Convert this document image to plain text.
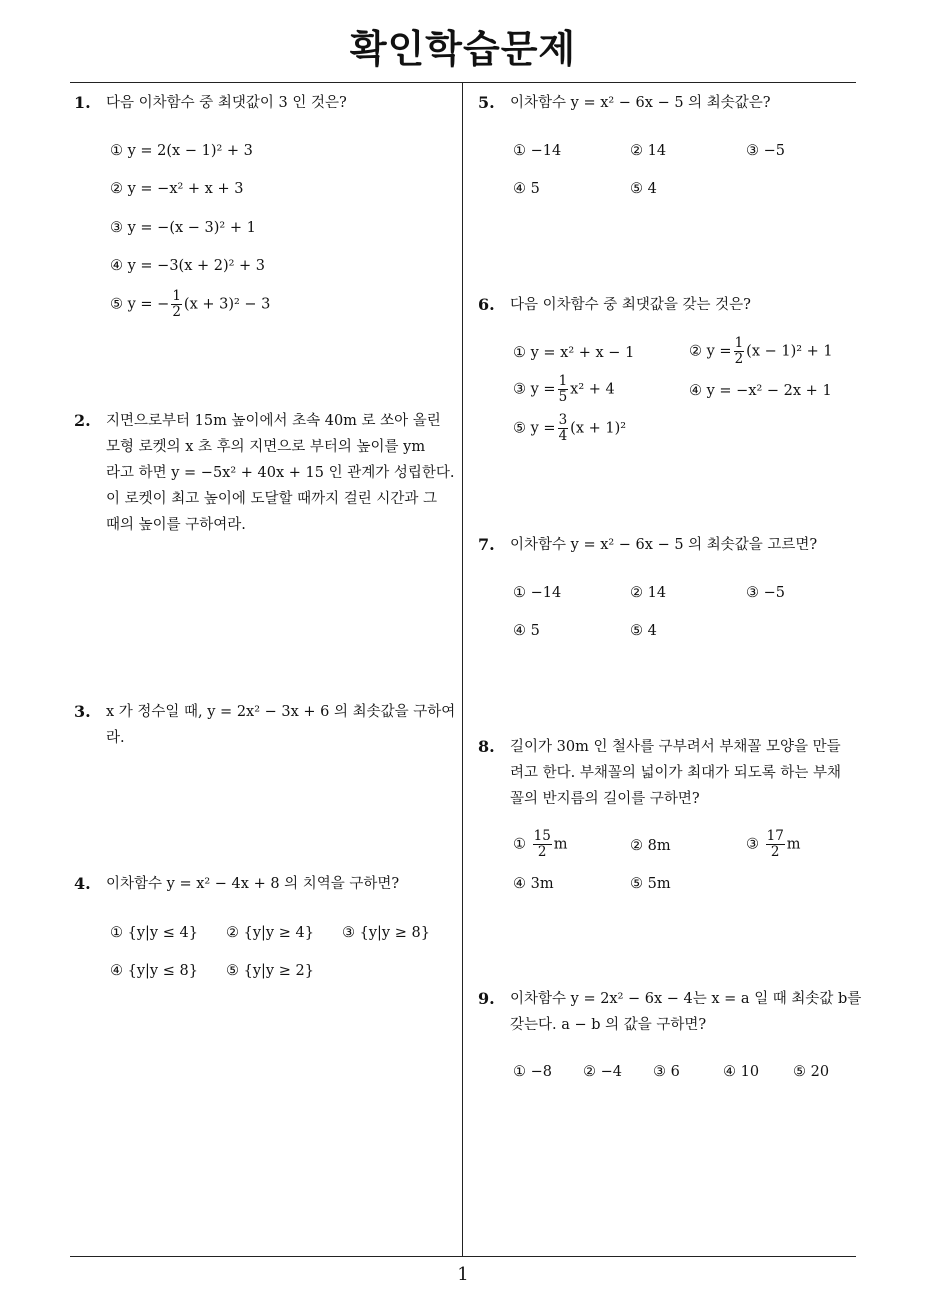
확인학습문제
1
1. 다음 이차함수 중 최댓값이 3 인 것은?
① y = 2(x − 1)² + 3
② y = −x² + x + 3
③ y = −(x − 3)² + 1
④ y = −3(x + 2)² + 3
⑤ y = − $\frac{1}{2} (x + 3)^2 - 3$
2. 지면으로부터 15m 높이에서 초속 40m 로 쏘아 올린
모형 로켓의 x 초 후의 지면으로 부터의 높이를 ym
라고 하면 y = −5x² + 40x + 15 인 관계가 성립한다.
이 로켓이 최고 높이에 도달할 때까지 걸린 시간과 그
때의 높이를 구하여라.
3. x 가 정수일 때, y = 2x² − 3x + 6 의 최솟값을 구하여
라.
4. 이차함수 y = x² − 4x + 8 의 치역을 구하면?
① {y|y ≤ 4} ② {y|y ≥ 4} ③ {y|y ≥ 8}
④ {y|y ≤ 8} ⑤ {y|y ≥ 2}
5. 이차함수 y = x² − 6x − 5 의 최솟값은?
① −14	② 14	③ −5
④ 5	⑤ 4
6. 다음 이차함수 중 최댓값을 갖는 것은?
① y = x² + x − 1	② $y = \frac{1}{2} (x - 1)^2 + 1$
③ $y = \frac{1}{5} x^2 + 4$	④ y = −x² − 2x + 1
⑤ $y = \frac{3}{4} (x + 1)^2$
7. 이차함수 y = x² − 6x − 5 의 최솟값을 고르면?
① −14	② 14	③ −5
④ 5	⑤ 4
8. 길이가 30m 인 철사를 구부려서 부채꼴 모양을 만들
려고 한다. 부채꼴의 넓이가 최대가 되도록 하는 부채
꼴의 반지름의 길이를 구하면?
① $\frac{15}{2}$ m	② 8m	③ $\frac{17}{2}$ m
④ 3m	⑤ 5m
9. 이차함수 y = 2x² − 6x − 4는 x = a 일 때 최솟값 b를
갖는다. a − b 의 값을 구하면?
① −8 ② −4 ③ 6	④ 10 ⑤ 20
